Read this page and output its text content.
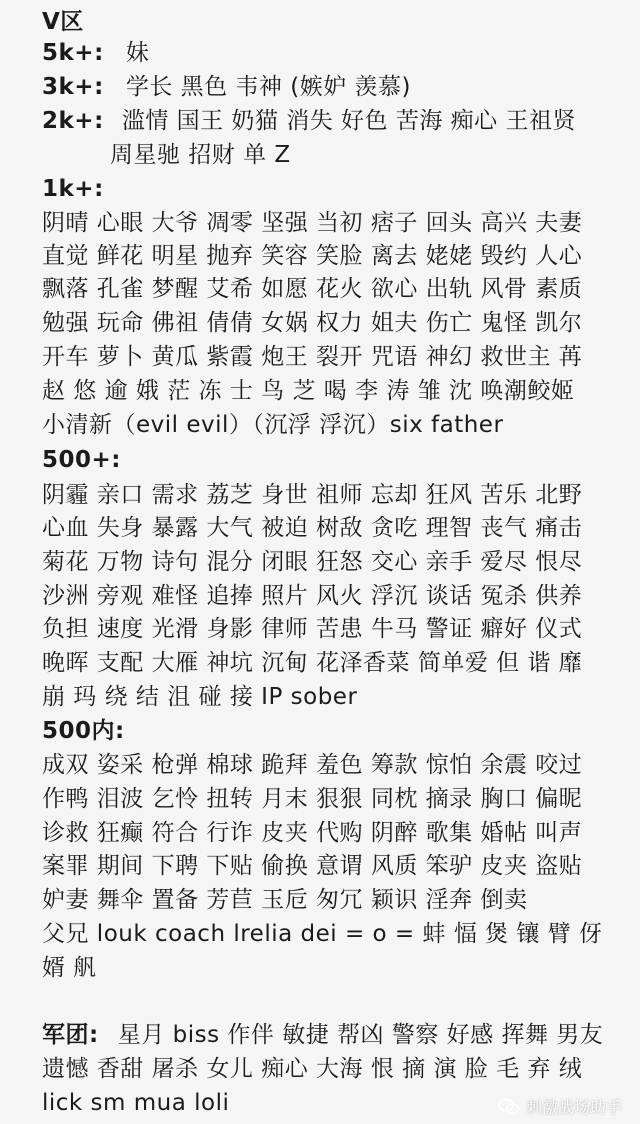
V区
5k+: 妹
3k+: 学长 黑色 韦神 (嫉妒 羡慕)
2k+: 滥情 国王 奶猫 消失 好色 苦海 痴心 王祖贤
周星驰 招财 单 Z
1k+:
阴晴 心眼 大爷 凋零 坚强 当初 痞子 回头 高兴 夫妻
直觉 鲜花 明星 抛弃 笑容 笑脸 离去 姥姥 毁约 人心
飘落 孔雀 梦醒 艾希 如愿 花火 欲心 出轨 风骨 素质
勉强 玩命 佛祖 倩倩 女娲 权力 姐夫 伤亡 鬼怪 凯尔
开车 萝卜 黄瓜 紫霞 炮王 裂开 咒语 神幻 救世主 苒
赵 悠 逾 娥 茫 冻 士 鸟 芝 喝 李 涛 雏 沈 唤潮鲛姬
小清新（evil evil）（沉浮 浮沉）six father
500+:
阴霾 亲口 需求 荔芝 身世 祖师 忘却 狂风 苦乐 北野
心血 失身 暴露 大气 被迫 树敌 贪吃 理智 丧气 痛击
菊花 万物 诗句 混分 闭眼 狂怒 交心 亲手 爱尽 恨尽
沙洲 旁观 难怪 追捧 照片 风火 浮沉 谈话 冤杀 供养
负担 速度 光滑 身影 律师 苦患 牛马 警证 癖好 仪式
晚晖 支配 大雁 神坑 沉甸 花泽香菜 简单爱 但 谐 靡
崩 玛 绕 结 沮 碰 接 IP sober
500内:
成双 姿采 枪弹 棉球 跪拜 羞色 筹款 惊怕 余震 咬过
作鸭 泪波 乞怜 扭转 月末 狠狠 同枕 摘录 胸口 偏昵
诊救 狂癫 符合 行诈 皮夹 代购 阴醉 歌集 婚帖 叫声
案罪 期间 下聘 下贴 偷换 意谓 风质 笨驴 皮夹 盗贴
妒妻 舞伞 置备 芳苣 玉卮 匆冗 颖识 淫奔 倒卖
父兄 louk coach lrelia dei = o = 蚌 愊 煲 镶 臂 伢
婿 舤
军团: 星月 biss 作伴 敏捷 帮凶 警察 好感 挥舞 男友
遗憾 香甜 屠杀 女儿 痴心 大海 恨 摘 演 脸 毛 弃 绒
lick sm mua loli	刺激战场助手
